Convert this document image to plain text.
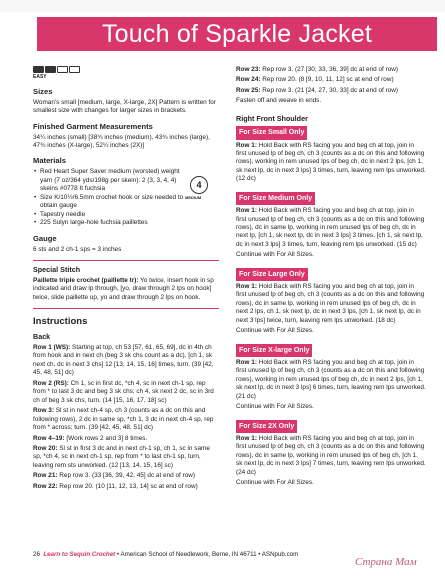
Touch of Sparkle Jacket
EASY
Sizes

Woman's small [medium, large, X-large, 2X] Pattern is written for smallest size with changes for larger sizes in brackets.

Finished Garment Measurements

34¼ inches (small) [38¾ inches (medium), 43¾ inches (large), 47¾ inches (X-large), 52¼ inches (2X)]

Materials
• Red Heart Super Saver medium (worsted) weight yarn (7 oz/364 yds/198g per skein): 2 (3, 3, 4, 4) skeins #0778 It fuchsia
• Size K/10½/6.5mm crochet hook or size needed to obtain gauge
• Tapestry needle
• 225 Sulyn large-hole fuchsia paillettes
Gauge

6 sts and 2 ch-1 sps = 3 inches

Special Stitch

Paillette triple crochet (paillette tr): Yo twice, insert hook in sp indicated and draw lp through, [yo, draw through 2 lps on hook] twice, slide paillette up, yo and draw through 2 lps on hook.

Instructions
Back

Row 1 (WS): Starting at top, ch 53 [57, 61, 65, 69], dc in 4th ch from hook and in next ch (beg 3 sk chs count as a dc), [ch 1, sk next ch, dc in next 3 chs] 12 [13, 14, 15, 16] times, turn. (39 [42, 45, 48, 51] dc)

Row 2 (RS): Ch 1, sc in first dc, *ch 4, sc in next ch-1 sp, rep from * to last 3 dc and beg 3 sk chs; ch 4, sk next 2 dc, sc in 3rd ch of beg 3 sk chs, turn. (14 [15, 16, 17, 18] sc)

Row 3: Sl st in next ch-4 sp, ch 3 (counts as a dc on this and following rows), 2 dc in same sp, *ch 1, 3 dc in next ch-4 sp, rep from * across; turn. (39 [42, 45, 48, 51] dc)

Row 4–19: [Work rows 2 and 3] 8 times.

Row 20: Sl st in first 3 dc and in next ch-1 sp, ch 1, sc in same sp, *ch 4, sc in next ch-1 sp, rep from * to last ch-1 sp, turn, leaving rem sts unworked. (12 [13, 14, 15, 16] sc)

Row 21: Rep row 3. (33 [36, 39, 42, 45] dc at end of row)

Row 22: Rep row 20. (10 [11, 12, 13, 14] sc at end of row)

4
MEDIUM

Row 23: Rep row 3. (27 [30, 33, 36, 39] dc at end of row)

Row 24: Rep row 20. (8 [9, 10, 11, 12] sc at end of row)

Row 25: Rep row 3. (21 [24, 27, 30, 33] dc at end of row)

Fasten off and weave in ends.

Right Front Shoulder
For Size Small Only

Row 1: Hold Back with RS facing you and beg ch at top, join in first unused lp of beg ch, ch 3 (counts as a dc on this and following rows), working in rem unused lps of beg ch, dc in next 2 lps, [ch 1, sk next lp, dc in next 3 lps] 3 times, turn, leaving rem lps unworked. (12 dc)

For Size Medium Only

Row 1: Hold Back with RS facing you and beg ch at top, join in first unused lp of beg ch, ch 3 (counts as a dc on this and following rows), dc in same lp, working in rem unused lps of beg ch, dc in next lp, [ch 1, sk next lp, dc in next 3 lps] 3 times, [ch 1, sk next lp, dc in next 3 lps] 3 times, turn, leaving rem lps unworked. (15 dc)

Continue with For All Sizes.

For Size Large Only

Row 1: Hold Back with RS facing you and beg ch at top, join in first unused lp of beg ch, ch 3 (counts as a dc on this and following rows), dc in same lp, working in rem unused lps of beg ch, dc in next 2 lps, ch 1, sk next lp, dc in next 3 lps, [ch 1, sk next lp, dc in next 3 lps] twice, turn, leaving rem lps unworked. (18 dc)

Continue with For All Sizes.

For Size X-large Only

Row 1: Hold Back with RS facing you and beg ch at top, join in first unused lp of beg ch, ch 3 (counts as a dc on this and following rows), working in rem unused lps of beg ch, dc in next 2 lps, [ch 1, sk next lp, dc in next 3 lps] 6 times, turn, leaving rem lps unworked. (21 dc)

Continue with For All Sizes.

For Size 2X Only

Row 1: Hold Back with RS facing you and beg ch at top, join in first unused lp of beg ch, ch 3 (counts as a dc on this and following rows), dc in same lp, working in rem unused lps of beg ch, [ch 1, sk next lp, dc in next 3 lps] 7 times, turn, leaving rem lps unworked. (24 dc)

Continue with For All Sizes.

26 Learn to Sequin Crochet • American School of Needlework, Berne, IN 46711 • ASNpub.com
Страна Мам
